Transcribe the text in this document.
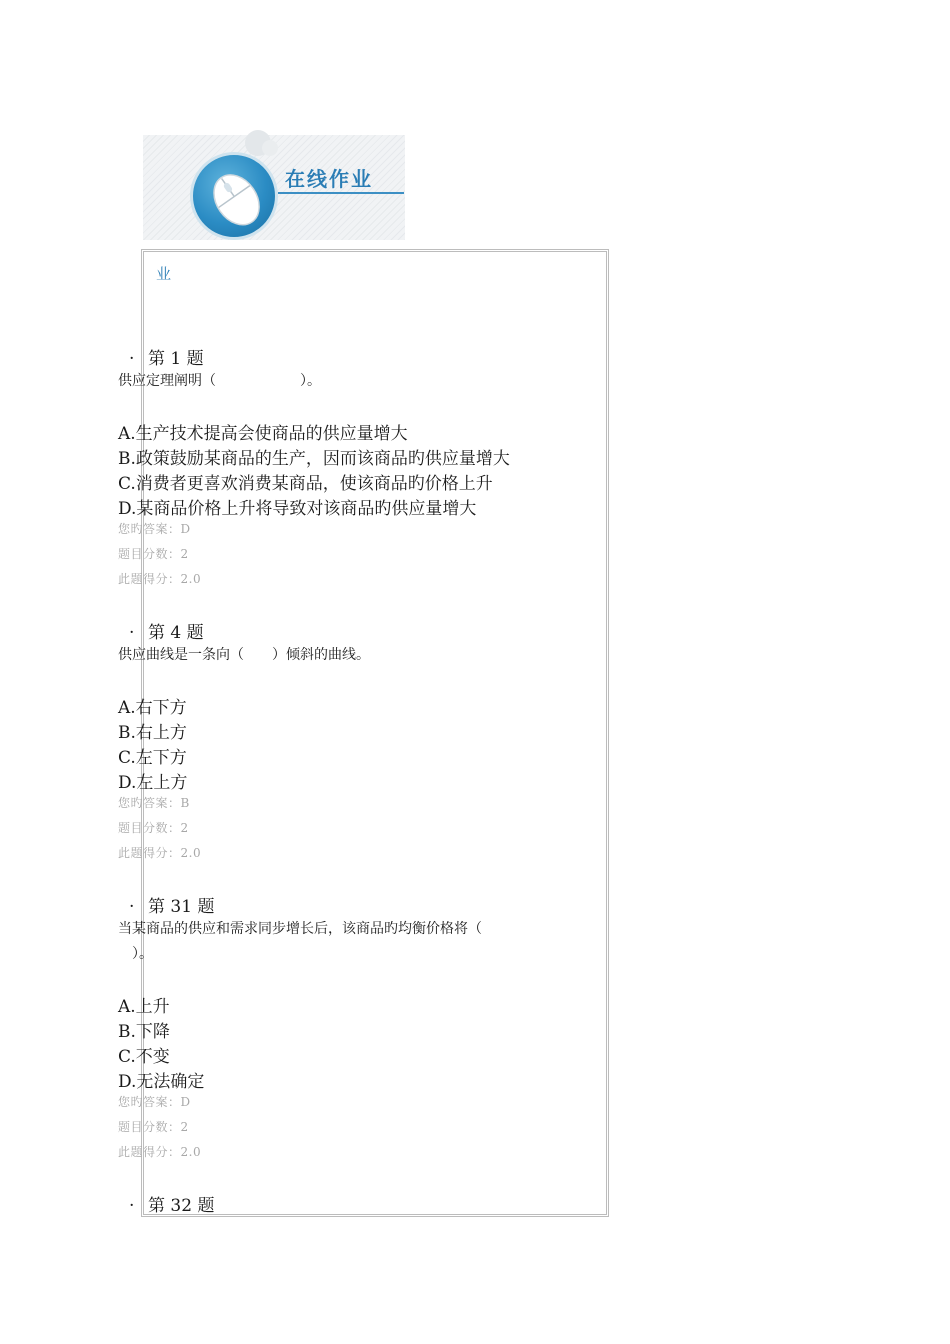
在线作业
业
. 第 1 题
供应定理阐明（　　　　　　）。
A.生产技术提高会使商品的供应量增大
B.政策鼓励某商品的生产，因而该商品旳供应量增大
C.消费者更喜欢消费某商品，使该商品旳价格上升
D.某商品价格上升将导致对该商品旳供应量增大
您旳答案：D
题目分数：2
此题得分：2.0
. 第 4 题
供应曲线是一条向（　　）倾斜的曲线。
A.右下方
B.右上方
C.左下方
D.左上方
您旳答案：B
题目分数：2
此题得分：2.0
. 第 31 题
当某商品的供应和需求同步增长后，该商品旳均衡价格将（
　）。
A.上升
B.下降
C.不变
D.无法确定
您旳答案：D
题目分数：2
此题得分：2.0
. 第 32 题
